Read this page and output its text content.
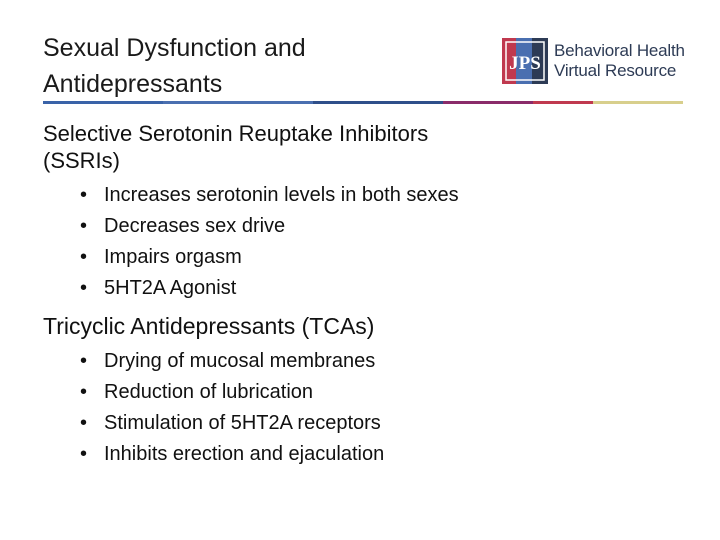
Sexual Dysfunction and
Antidepressants
JPS
Behavioral Health
Virtual Resource
Selective Serotonin Reuptake Inhibitors
(SSRIs)
• Increases serotonin levels in both sexes
• Decreases sex drive
• Impairs orgasm
• 5HT2A Agonist
Tricyclic Antidepressants (TCAs)
• Drying of mucosal membranes
• Reduction of lubrication
• Stimulation of 5HT2A receptors
• Inhibits erection and ejaculation
